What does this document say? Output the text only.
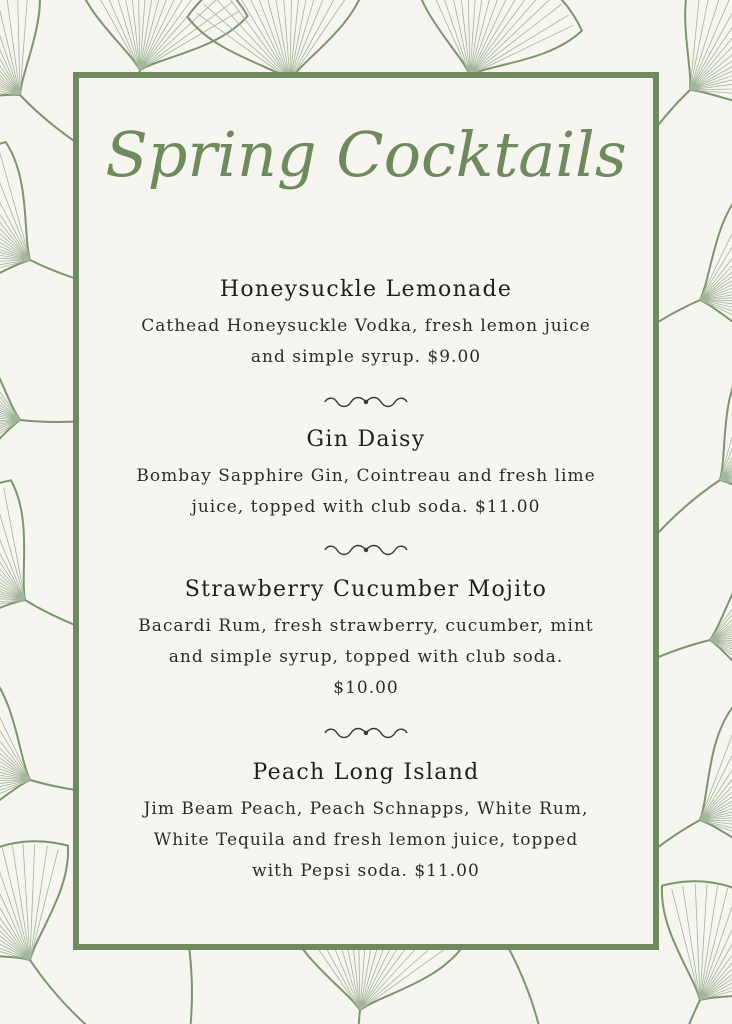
Spring Cocktails
Honeysuckle Lemonade

Cathead Honeysuckle Vodka, fresh lemon juice and simple syrup. $9.00

Gin Daisy

Bombay Sapphire Gin, Cointreau and fresh lime juice, topped with club soda. $11.00

Strawberry Cucumber Mojito

Bacardi Rum, fresh strawberry, cucumber, mint and simple syrup, topped with club soda. $10.00

Peach Long Island

Jim Beam Peach, Peach Schnapps, White Rum, White Tequila and fresh lemon juice, topped with Pepsi soda. $11.00
